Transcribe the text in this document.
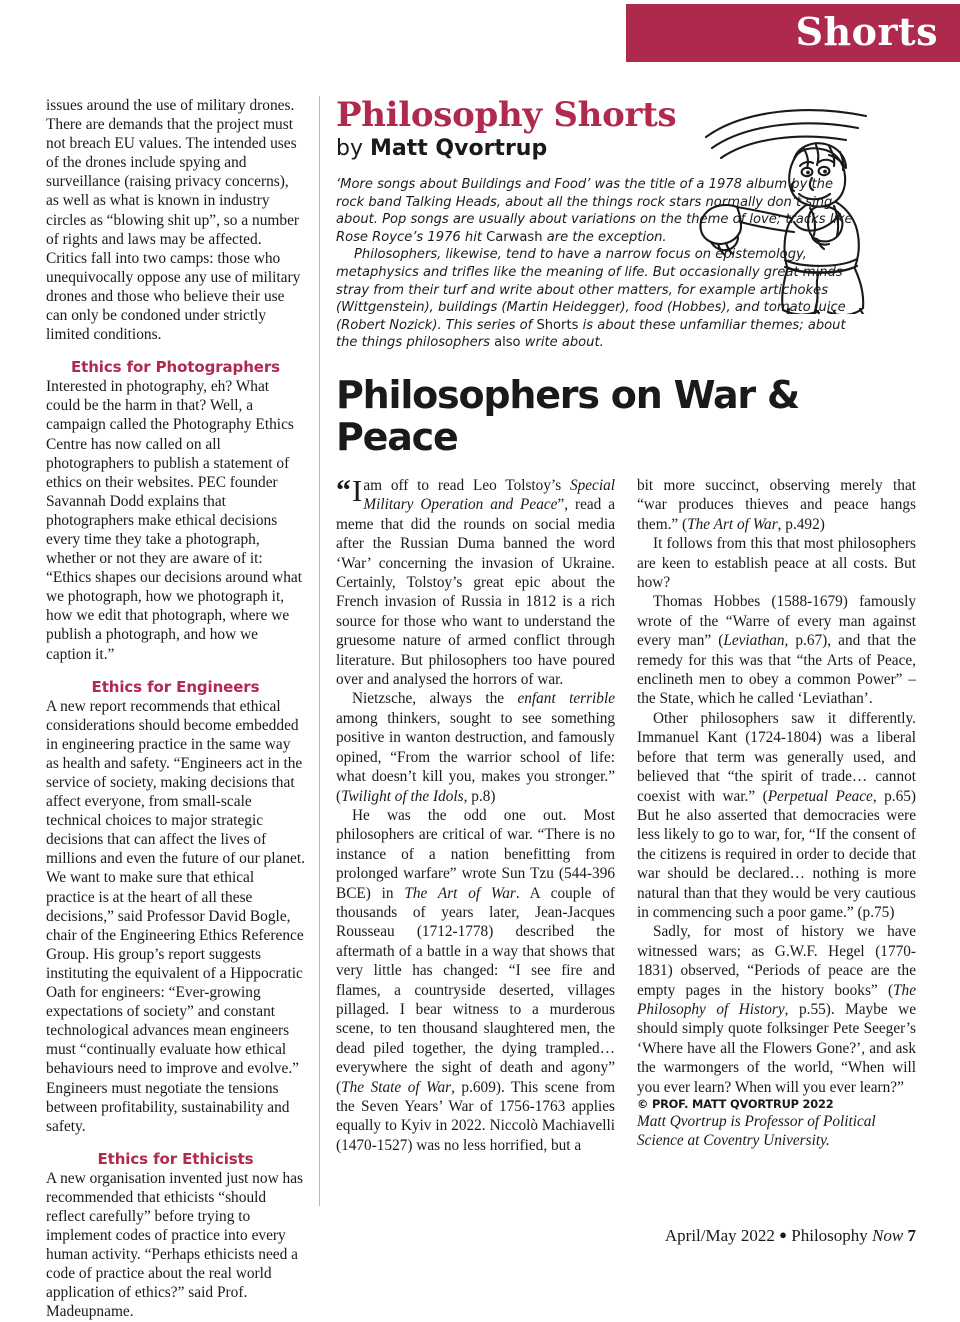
Shorts

issues around the use of military drones. There are demands that the project must not breach EU values. The intended uses of the drones include spying and surveillance (raising privacy concerns), as well as what is known in industry circles as “blowing shit up”, so a number of rights and laws may be affected. Critics fall into two camps: those who unequivocally oppose any use of military drones and those who believe their use can only be condoned under strictly limited conditions.

Ethics for Photographers

Interested in photography, eh? What could be the harm in that? Well, a campaign called the Photography Ethics Centre has now called on all photographers to publish a statement of ethics on their websites. PEC founder Savannah Dodd explains that photographers make ethical decisions every time they take a photograph, whether or not they are aware of it: “Ethics shapes our decisions around what we photograph, how we photograph it, how we edit that photograph, where we publish a photograph, and how we caption it.”

Ethics for Engineers

A new report recommends that ethical considerations should become embedded in engineering practice in the same way as health and safety. “Engineers act in the service of society, making decisions that affect everyone, from small-scale technical choices to major strategic decisions that can affect the lives of millions and even the future of our planet. We want to make sure that ethical practice is at the heart of all these decisions,” said Professor David Bogle, chair of the Engineering Ethics Reference Group. His group’s report suggests instituting the equivalent of a Hippocratic Oath for engineers: “Ever-growing expectations of society” and constant technological advances mean engineers must “continually evaluate how ethical behaviours need to improve and evolve.” Engineers must negotiate the tensions between profitability, sustainability and safety.

Ethics for Ethicists

A new organisation invented just now has recommended that ethicists “should reflect carefully” before trying to implement codes of practice into every human activity. “Perhaps ethicists need a code of practice about the real world application of ethics?” said Prof. Madeupname.

Philosophy Shorts
by Matt Qvortrup

‘More songs about Buildings and Food’ was the title of a 1978 album by the rock band Talking Heads, about all the things rock stars normally don’t sing about. Pop songs are usually about variations on the theme of love; tracks like Rose Royce’s 1976 hit Carwash are the exception.

Philosophers, likewise, tend to have a narrow focus on epistemology, metaphysics and trifles like the meaning of life. But occasionally great minds stray from their turf and write about other matters, for example artichokes (Wittgenstein), buildings (Martin Heidegger), food (Hobbes), and tomato juice (Robert Nozick). This series of Shorts is about these unfamiliar themes; about the things philosophers also write about.

Philosophers on War & Peace

“ I am off to read Leo Tolstoy’s Special Military Operation and Peace”, read a meme that did the rounds on social media after the Russian Duma banned the word ‘War’ concerning the invasion of Ukraine. Certainly, Tolstoy’s great epic about the French invasion of Russia in 1812 is a rich source for those who want to understand the gruesome nature of armed conflict through literature. But philosophers too have poured over and analysed the horrors of war.

Nietzsche, always the enfant terrible among thinkers, sought to see something positive in wanton destruction, and famously opined, “From the warrior school of life: what doesn’t kill you, makes you stronger.” (Twilight of the Idols, p.8)

He was the odd one out. Most philosophers are critical of war. “There is no instance of a nation benefitting from prolonged warfare” wrote Sun Tzu (544-396 BCE) in The Art of War. A couple of thousands of years later, Jean-Jacques Rousseau (1712-1778) described the aftermath of a battle in a way that shows that very little has changed: “I see fire and flames, a countryside deserted, villages pillaged. I bear witness to a murderous scene, to ten thousand slaughtered men, the dead piled together, the dying trampled… everywhere the sight of death and agony” (The State of War, p.609). This scene from the Seven Years’ War of 1756-1763 applies equally to Kyiv in 2022. Niccolò Machiavelli (1470-1527) was no less horrified, but a

bit more succinct, observing merely that “war produces thieves and peace hangs them.” (The Art of War, p.492)

It follows from this that most philosophers are keen to establish peace at all costs. But how?

Thomas Hobbes (1588-1679) famously wrote of the “Warre of every man against every man” (Leviathan, p.67), and that the remedy for this was that “the Arts of Peace, enclineth men to obey a common Power” – the State, which he called ‘Leviathan’.

Other philosophers saw it differently. Immanuel Kant (1724-1804) was a liberal before that term was generally used, and believed that “the spirit of trade… cannot coexist with war.” (Perpetual Peace, p.65) But he also asserted that democracies were less likely to go to war, for, “If the consent of the citizens is required in order to decide that war should be declared… nothing is more natural than that they would be very cautious in commencing such a poor game.” (p.75)

Sadly, for most of history we have witnessed wars; as G.W.F. Hegel (1770-1831) observed, “Periods of peace are the empty pages in the history books” (The Philosophy of History, p.55). Maybe we should simply quote folksinger Pete Seeger’s ‘Where have all the Flowers Gone?’, and ask the warmongers of the world, “When will you ever learn? When will you ever learn?”

© PROF. MATT QVORTRUP 2022

Matt Qvortrup is Professor of Political Science at Coventry University.

April/May 2022 ● Philosophy Now 7
